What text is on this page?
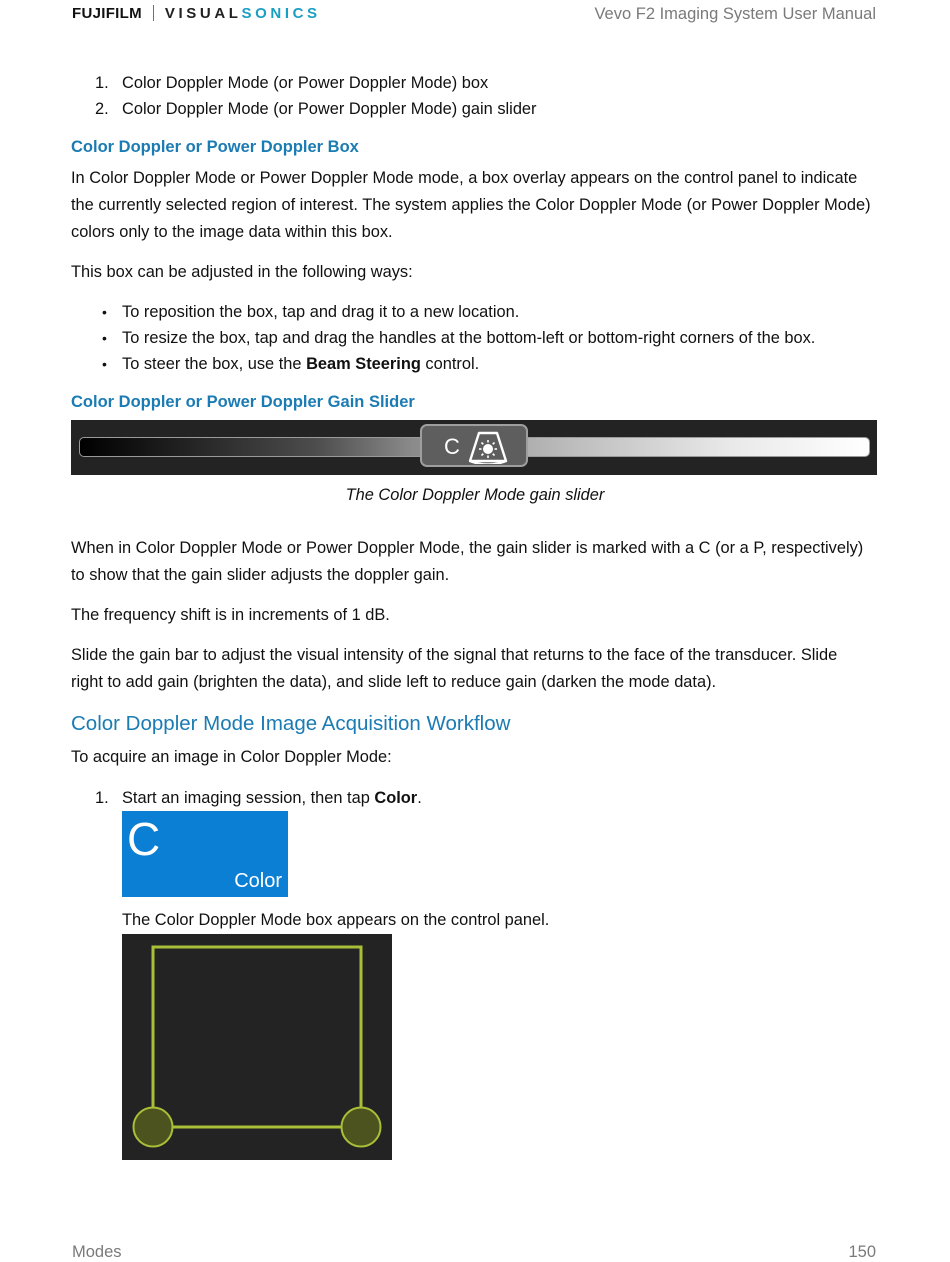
FUJIFILM VISUALSONICS	Vevo F2 Imaging System User Manual
1. Color Doppler Mode (or Power Doppler Mode) box
2. Color Doppler Mode (or Power Doppler Mode) gain slider
Color Doppler or Power Doppler Box
In Color Doppler Mode or Power Doppler Mode mode, a box overlay appears on the control panel to indicate the currently selected region of interest. The system applies the Color Doppler Mode (or Power Doppler Mode) colors only to the image data within this box.
This box can be adjusted in the following ways:
• To reposition the box, tap and drag it to a new location.
• To resize the box, tap and drag the handles at the bottom-left or bottom-right corners of the box.
• To steer the box, use the Beam Steering control.
Color Doppler or Power Doppler Gain Slider
C
The Color Doppler Mode gain slider
When in Color Doppler Mode or Power Doppler Mode, the gain slider is marked with a C (or a P, respectively) to show that the gain slider adjusts the doppler gain.
The frequency shift is in increments of 1 dB.
Slide the gain bar to adjust the visual intensity of the signal that returns to the face of the transducer. Slide right to add gain (brighten the data), and slide left to reduce gain (darken the mode data).
Color Doppler Mode Image Acquisition Workflow
To acquire an image in Color Doppler Mode:
1. Start an imaging session, then tap Color.
C
Color
The Color Doppler Mode box appears on the control panel.
Modes	150
